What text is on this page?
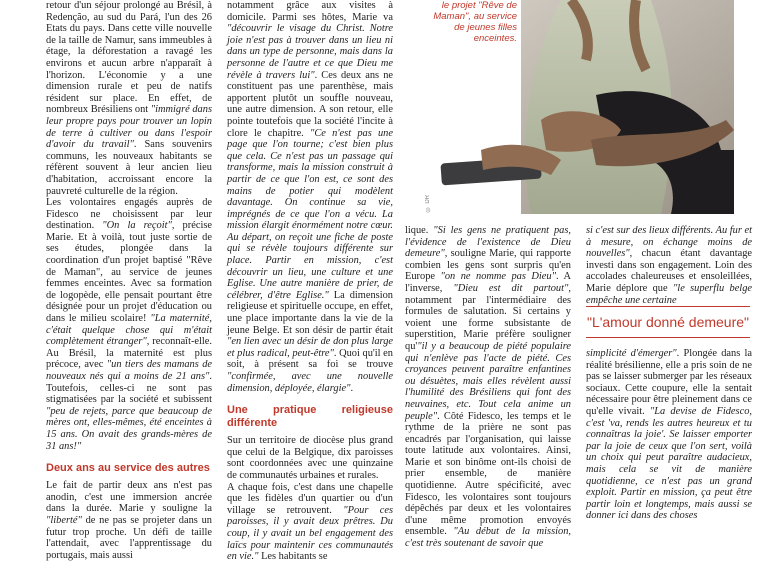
le projet "Rêve de Maman", au service de jeunes filles enceintes.
© DR

retour d'un séjour prolongé au Brésil, à Redenção, au sud du Pará, l'un des 26 Etats du pays. Dans cette ville nouvelle de la taille de Namur, sans immeubles à étage, la déforestation a ravagé les environs et aucun arbre n'apparaît à l'horizon. L'économie y a une dimension rurale et peu de natifs résident sur place. En effet, de nombreux Brésiliens ont "immigré dans leur propre pays pour trouver un lopin de terre à cultiver ou dans l'espoir d'avoir du travail". Sans souvenirs communs, les nouveaux habitants se réfèrent souvent à leur ancien lieu d'habitation, accroissant encore la pauvreté culturelle de la région.

Les volontaires engagés auprès de Fidesco ne choisissent par leur destination. "On la reçoit", précise Marie. Et à voilà, tout juste sortie de ses études, plongée dans la coordination d'un projet baptisé "Rêve de Maman", au service de jeunes femmes enceintes. Avec sa formation de logopède, elle pensait pourtant être désignée pour un projet d'éducation ou dans le milieu scolaire! "La maternité, c'était quelque chose qui m'était complètement étranger", reconnaît-elle. Au Brésil, la maternité est plus précoce, avec "un tiers des mamans de nouveaux nés qui a moins de 21 ans". Toutefois, celles-ci ne sont pas stigmatisées par la société et subissent "peu de rejets, parce que beaucoup de mères ont, elles-mêmes, été enceintes à 15 ans. On avait des grands-mères de 31 ans!"

Deux ans au service des autres

Le fait de partir deux ans n'est pas anodin, c'est une immersion ancrée dans la durée. Marie y souligne la "liberté" de ne pas se projeter dans un futur trop proche. Un défi de taille l'attendait, avec l'apprentissage du portugais, mais aussi

notamment grâce aux visites à domicile. Parmi ses hôtes, Marie va "découvrir le visage du Christ. Notre joie n'est pas à trouver dans un lieu ni dans un type de personne, mais dans la personne de l'autre et ce que Dieu me révèle à travers lui". Ces deux ans ne constituent pas une parenthèse, mais apportent plutôt un souffle nouveau, une autre dimension. A son retour, elle pointe toutefois que la société l'incite à clore le chapitre. "Ce n'est pas une page que l'on tourne; c'est bien plus que cela. Ce n'est pas un passage qui transforme, mais la mission construit à partir de ce que l'on est, ce sont des mains de potier qui modèlent davantage. On continue sa vie, imprégnés de ce que l'on a vécu. La mission élargit énormément notre cœur. Au départ, on reçoit une fiche de poste qui se révèle toujours différente sur place. Partir en mission, c'est découvrir un lieu, une culture et une Eglise. Une autre manière de prier, de célébrer, d'être Eglise." La dimension religieuse et spirituelle occupe, en effet, une place importante dans la vie de la jeune Belge. Et son désir de partir était "en lien avec un désir de don plus large et plus radical, peut-être". Quoi qu'il en soit, à présent sa foi se trouve "confirmée, avec une nouvelle dimension, déployée, élargie".

Une pratique religieuse différente

Sur un territoire de diocèse plus grand que celui de la Belgique, dix paroisses sont coordonnées avec une quinzaine de communautés urbaines et rurales.

A chaque fois, c'est dans une chapelle que les fidèles d'un quartier ou d'un village se retrouvent. "Pour ces paroisses, il y avait deux prêtres. Du coup, il y avait un bel engagement des laïcs pour maintenir ces communautés en vie." Les habitants se

lique. "Si les gens ne pratiquent pas, l'évidence de l'existence de Dieu demeure", souligne Marie, qui rapporte combien les gens sont surpris qu'en Europe "on ne nomme pas Dieu". A l'inverse, "Dieu est dit partout", notamment par l'intermédiaire des formules de salutation. Si certains y voient une forme subsistante de superstition, Marie préfère souligner qu'"il y a beaucoup de piété populaire qui n'enlève pas l'acte de piété. Ces croyances peuvent paraître enfantines ou désuètes, mais elles révèlent aussi l'humilité des Brésiliens qui font des neuvaines, etc. Tout cela anime un peuple". Côté Fidesco, les temps et le rythme de la prière ne sont pas encadrés par l'organisation, qui laisse toute latitude aux volontaires. Ainsi, Marie et son binôme ont-ils choisi de prier ensemble, de manière quotidienne. Autre spécificité, avec Fidesco, les volontaires sont toujours dépêchés par deux et les volontaires d'une même promotion envoyés ensemble. "Au début de la mission, c'est très soutenant de savoir que

si c'est sur des lieux différents. Au fur et à mesure, on échange moins de nouvelles", chacun étant davantage investi dans son engagement. Loin des accolades chaleureuses et ensoleillées, Marie déplore que "le superflu belge empêche une certaine

"L'amour donné demeure"

simplicité d'émerger". Plongée dans la réalité brésilienne, elle a pris soin de ne pas se laisser submerger par les réseaux sociaux. Cette coupure, elle la sentait nécessaire pour être pleinement dans ce qu'elle vivait. "La devise de Fidesco, c'est 'va, rends les autres heureux et tu connaîtras la joie'. Se laisser emporter par la joie de ceux que l'on sert, voilà un choix qui peut paraître audacieux, mais cela se vit de manière quotidienne, ce n'est pas un grand exploit. Partir en mission, ça peut être partir loin et longtemps, mais aussi se donner ici dans des choses
